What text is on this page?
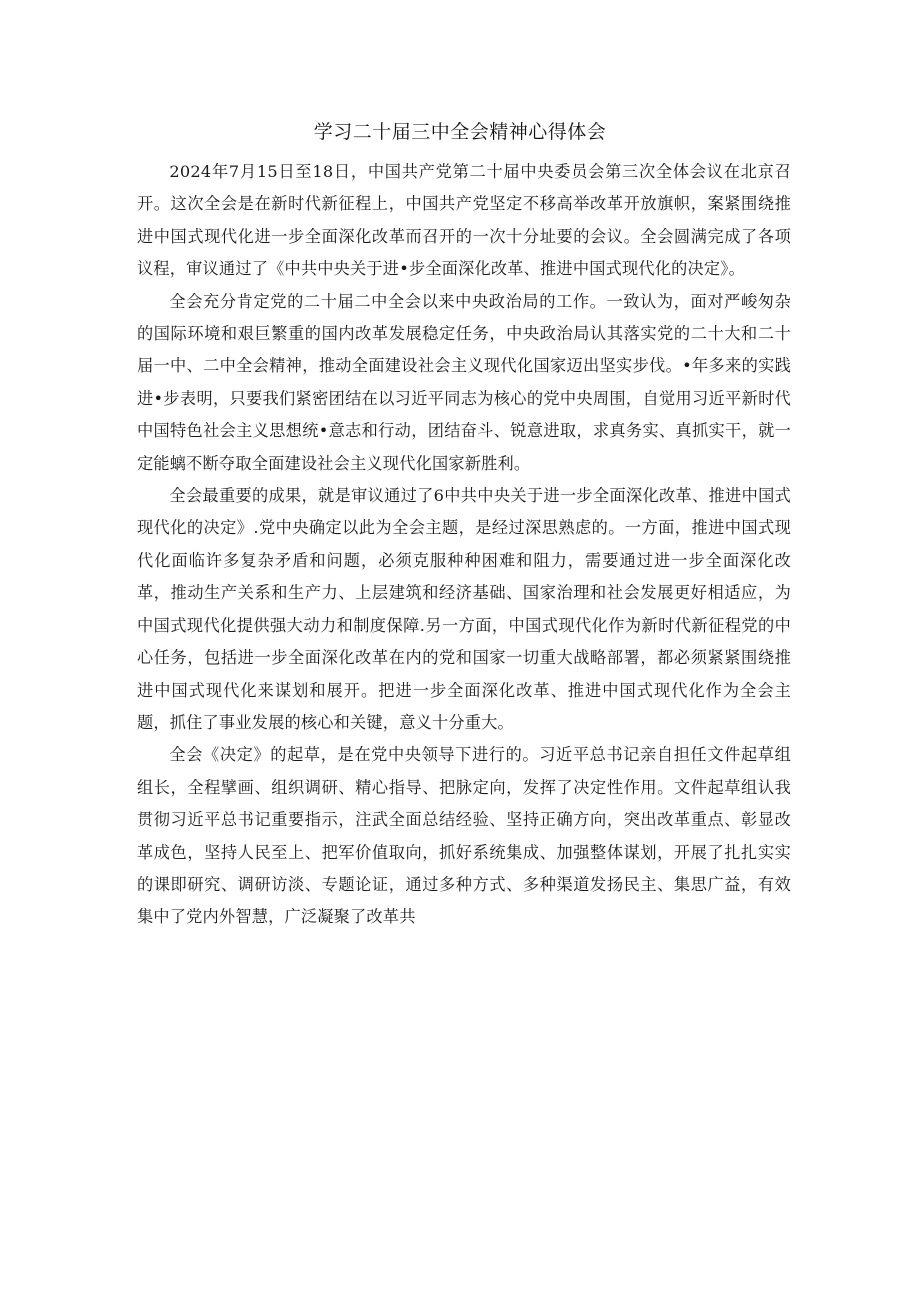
学习二十届三中全会精神心得体会

2024年7月15日至18日，中国共产党第二十届中央委员会第三次全体会议在北京召开。这次全会是在新时代新征程上，中国共产党坚定不移高举改革开放旗帜，案紧围绕推进中国式现代化进一步全面深化改革而召开的一次十分址要的会议。全会圆满完成了各项议程，审议通过了《中共中央关于进•步全面深化改革、推进中国式现代化的决定》。

全会充分肯定党的二十届二中全会以来中央政治局的工作。一致认为，面对严峻匆杂的国际环境和艰巨繁重的国内改革发展稳定任务，中央政治局认其落实党的二十大和二十届一中、二中全会精神，推动全面建设社会主义现代化国家迈出坚实步伐。•年多来的实践进•步表明，只要我们紧密团结在以习近平同志为核心的党中央周围，自觉用习近平新时代中国特色社会主义思想统•意志和行动，团结奋斗、锐意进取，求真务实、真抓实干，就一定能螭不断夺取全面建设社会主义现代化国家新胜利。

全会最重要的成果，就是审议通过了6中共中央关于进一步全面深化改革、推进中国式现代化的决定》.党中央确定以此为全会主题，是经过深思熟虑的。一方面，推进中国式现代化面临许多复杂矛盾和问题，必须克服种种困难和阻力，需要通过进一步全面深化改革，推动生产关系和生产力、上层建筑和经济基础、国家治理和社会发展更好相适应，为中国式现代化提供强大动力和制度保障.另一方面，中国式现代化作为新时代新征程党的中心任务，包括进一步全面深化改革在内的党和国家一切重大战略部署，都必须紧紧围绕推进中国式现代化来谋划和展开。把进一步全面深化改革、推进中国式现代化作为全会主题，抓住了事业发展的核心和关键，意义十分重大。

全会《决定》的起草，是在党中央领导下进行的。习近平总书记亲自担任文件起草组组长，全程擘画、组织调研、精心指导、把脉定向，发挥了决定性作用。文件起草组认我贯彻习近平总书记重要指示，注武全面总结经验、坚持正确方向，突出改革重点、彰显改革成色，坚持人民至上、把军价值取向，抓好系统集成、加强整体谋划，开展了扎扎实实的课即研究、调研访淡、专题论证，通过多种方式、多种渠道发扬民主、集思广益，有效集中了党内外智慧，广泛凝聚了改革共
